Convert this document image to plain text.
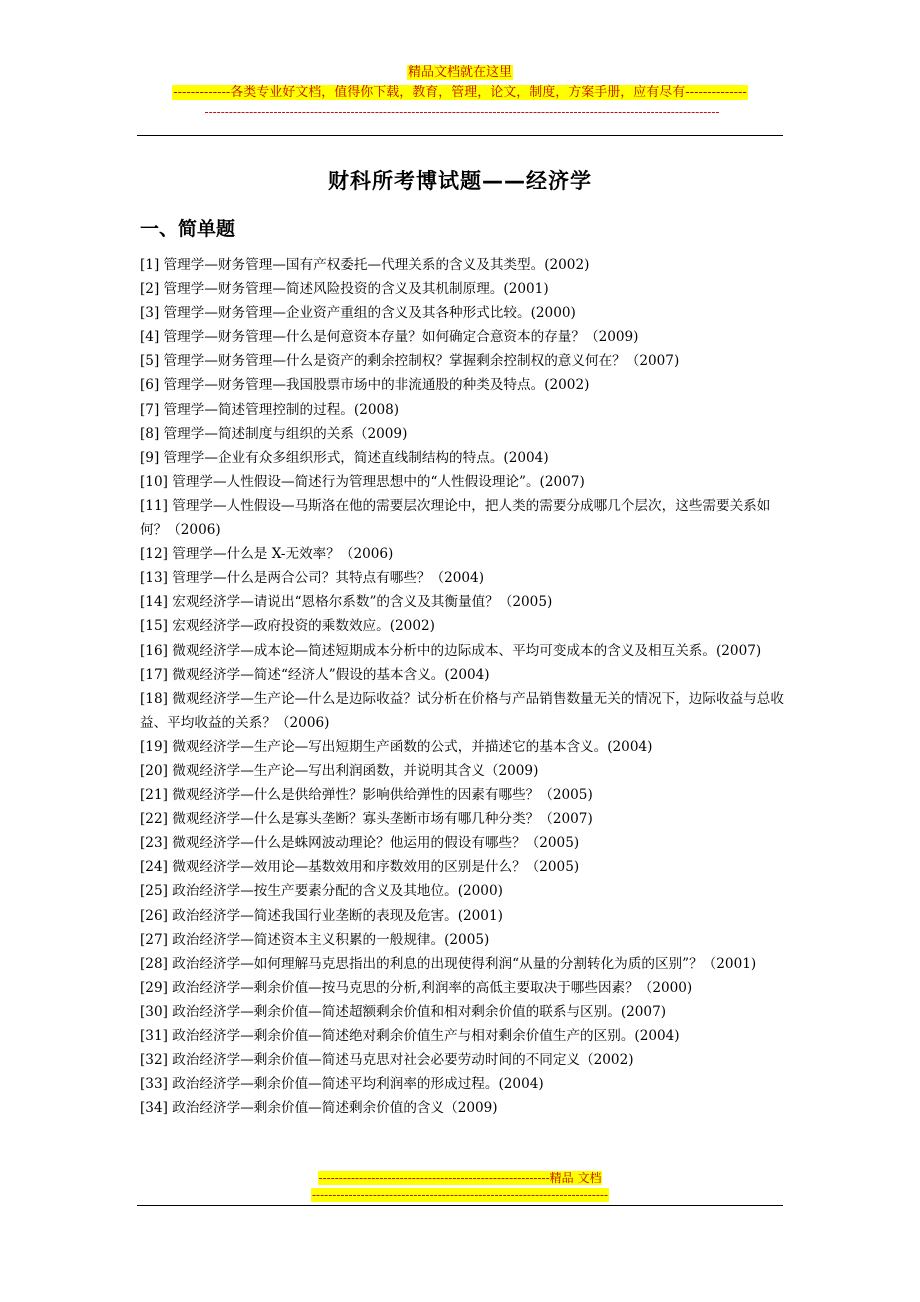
精品文档就在这里
-------------各类专业好文档，值得你下载，教育，管理，论文，制度，方案手册，应有尽有--------------
-------------------------------------------------------------------------------------------------------------------------------
财科所考博试题——经济学
一、简单题
[1] 管理学—财务管理—国有产权委托—代理关系的含义及其类型。(2002)
[2] 管理学—财务管理—简述风险投资的含义及其机制原理。(2001)
[3] 管理学—财务管理—企业资产重组的含义及其各种形式比较。(2000)
[4] 管理学—财务管理—什么是何意资本存量？如何确定合意资本的存量？（2009)
[5] 管理学—财务管理—什么是资产的剩余控制权？掌握剩余控制权的意义何在？（2007)
[6] 管理学—财务管理—我国股票市场中的非流通股的种类及特点。(2002)
[7] 管理学—简述管理控制的过程。(2008)
[8] 管理学—简述制度与组织的关系（2009)
[9] 管理学—企业有众多组织形式，简述直线制结构的特点。(2004)
[10] 管理学—人性假设—简述行为管理思想中的“人性假设理论”。(2007)
[11] 管理学—人性假设—马斯洛在他的需要层次理论中，把人类的需要分成哪几个层次，这些需要关系如何？（2006)
[12] 管理学—什么是 X-无效率？（2006)
[13] 管理学—什么是两合公司？其特点有哪些？（2004)
[14] 宏观经济学—请说出“恩格尔系数”的含义及其衡量值？（2005)
[15] 宏观经济学—政府投资的乘数效应。(2002)
[16] 微观经济学—成本论—简述短期成本分析中的边际成本、平均可变成本的含义及相互关系。(2007)
[17] 微观经济学—简述“经济人”假设的基本含义。(2004)
[18] 微观经济学—生产论—什么是边际收益？试分析在价格与产品销售数量无关的情况下，边际收益与总收益、平均收益的关系？（2006)
[19] 微观经济学—生产论—写出短期生产函数的公式，并描述它的基本含义。(2004)
[20] 微观经济学—生产论—写出利润函数，并说明其含义（2009)
[21] 微观经济学—什么是供给弹性？影响供给弹性的因素有哪些？（2005)
[22] 微观经济学—什么是寡头垄断？寡头垄断市场有哪几种分类？（2007)
[23] 微观经济学—什么是蛛网波动理论？他运用的假设有哪些？（2005)
[24] 微观经济学—效用论—基数效用和序数效用的区别是什么？（2005)
[25] 政治经济学—按生产要素分配的含义及其地位。(2000)
[26] 政治经济学—简述我国行业垄断的表现及危害。(2001)
[27] 政治经济学—简述资本主义积累的一般规律。(2005)
[28] 政治经济学—如何理解马克思指出的利息的出现使得利润“从量的分割转化为质的区别”？（2001)
[29] 政治经济学—剩余价值—按马克思的分析,利润率的高低主要取决于哪些因素？（2000)
[30] 政治经济学—剩余价值—简述超额剩余价值和相对剩余价值的联系与区别。(2007)
[31] 政治经济学—剩余价值—简述绝对剩余价值生产与相对剩余价值生产的区别。(2004)
[32] 政治经济学—剩余价值—简述马克思对社会必要劳动时间的不同定义（2002)
[33] 政治经济学—剩余价值—简述平均利润率的形成过程。(2004)
[34] 政治经济学—剩余价值—简述剩余价值的含义（2009)
---------------------------------------------------------精品 文档
-------------------------------------------------------------------------
